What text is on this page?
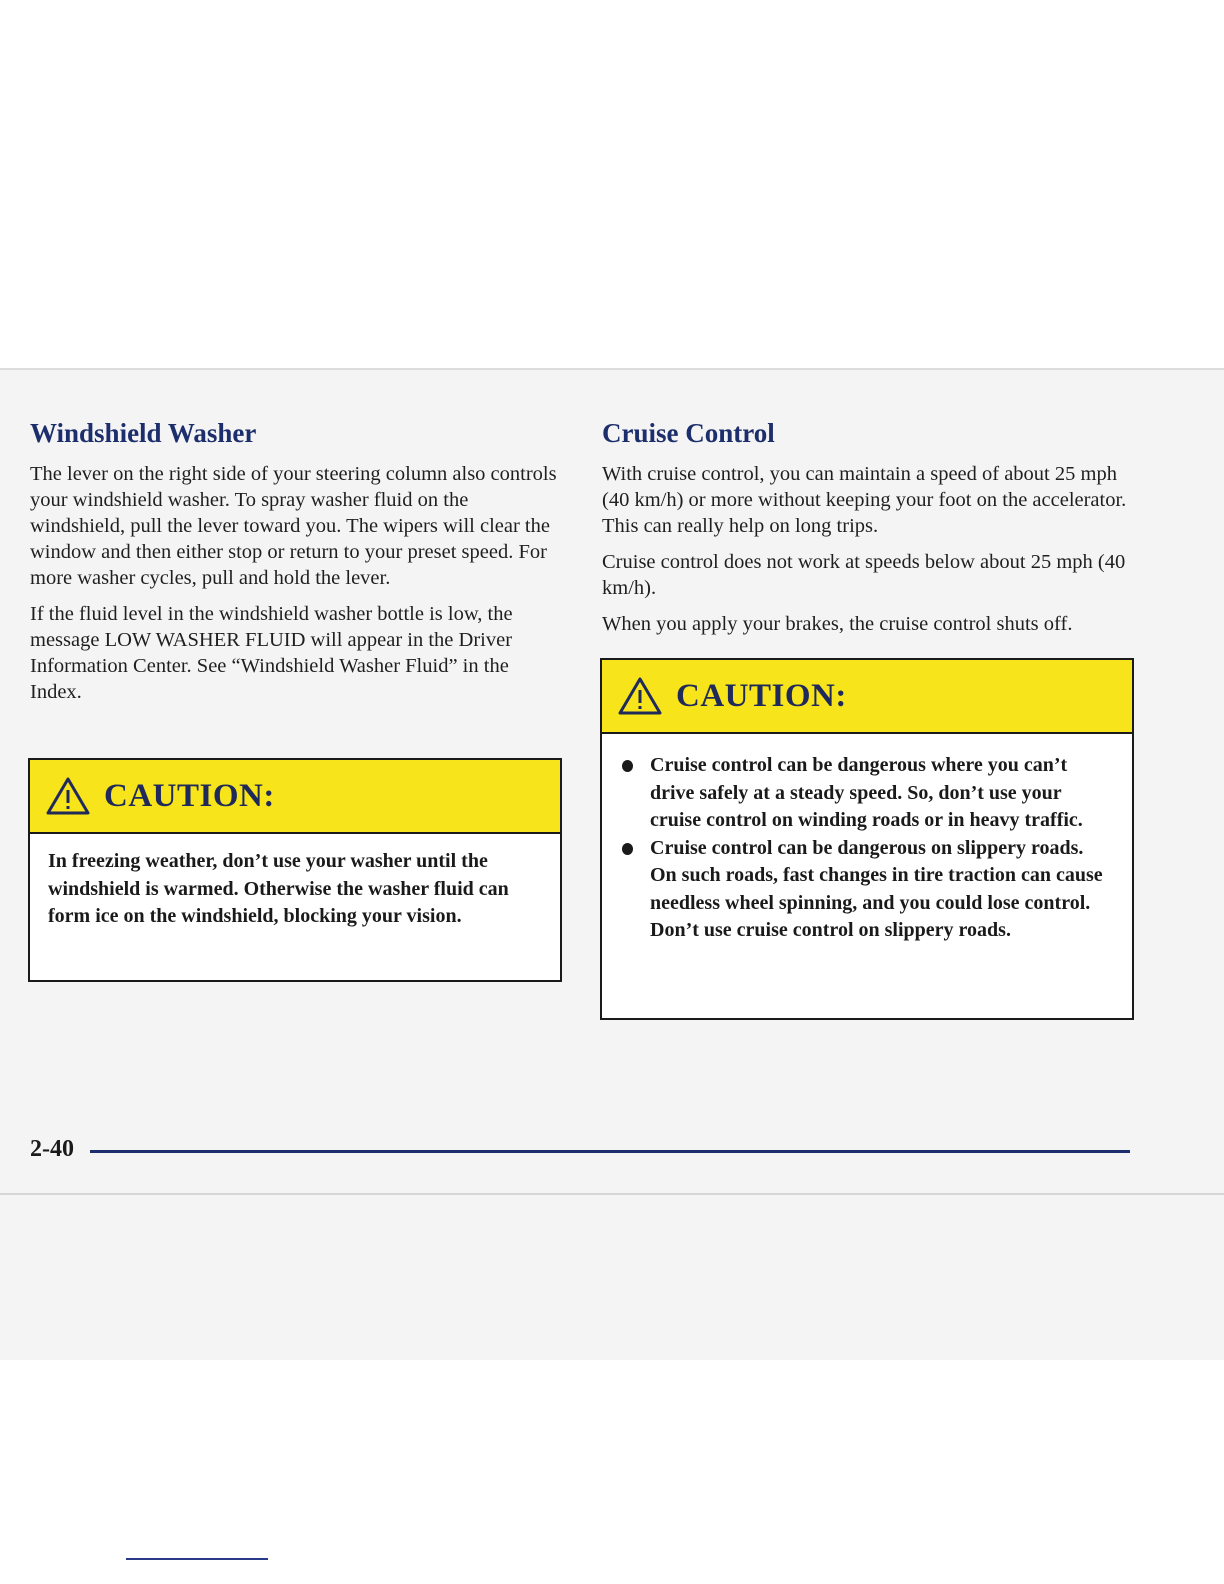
Windshield Washer

The lever on the right side of your steering column also controls your windshield washer. To spray washer fluid on the windshield, pull the lever toward you. The wipers will clear the window and then either stop or return to your preset speed. For more washer cycles, pull and hold the lever.

If the fluid level in the windshield washer bottle is low, the message LOW WASHER FLUID will appear in the Driver Information Center. See “Windshield Washer Fluid” in the Index.

CAUTION:
In freezing weather, don’t use your washer until the windshield is warmed. Otherwise the washer fluid can form ice on the windshield, blocking your vision.
Cruise Control

With cruise control, you can maintain a speed of about 25 mph (40 km/h) or more without keeping your foot on the accelerator. This can really help on long trips.

Cruise control does not work at speeds below about 25 mph (40 km/h).

When you apply your brakes, the cruise control shuts off.

CAUTION:
Cruise control can be dangerous where you can’t drive safely at a steady speed. So, don’t use your cruise control on winding roads or in heavy traffic.
Cruise control can be dangerous on slippery roads. On such roads, fast changes in tire traction can cause needless wheel spinning, and you could lose control. Don’t use cruise control on slippery roads.
2-40
